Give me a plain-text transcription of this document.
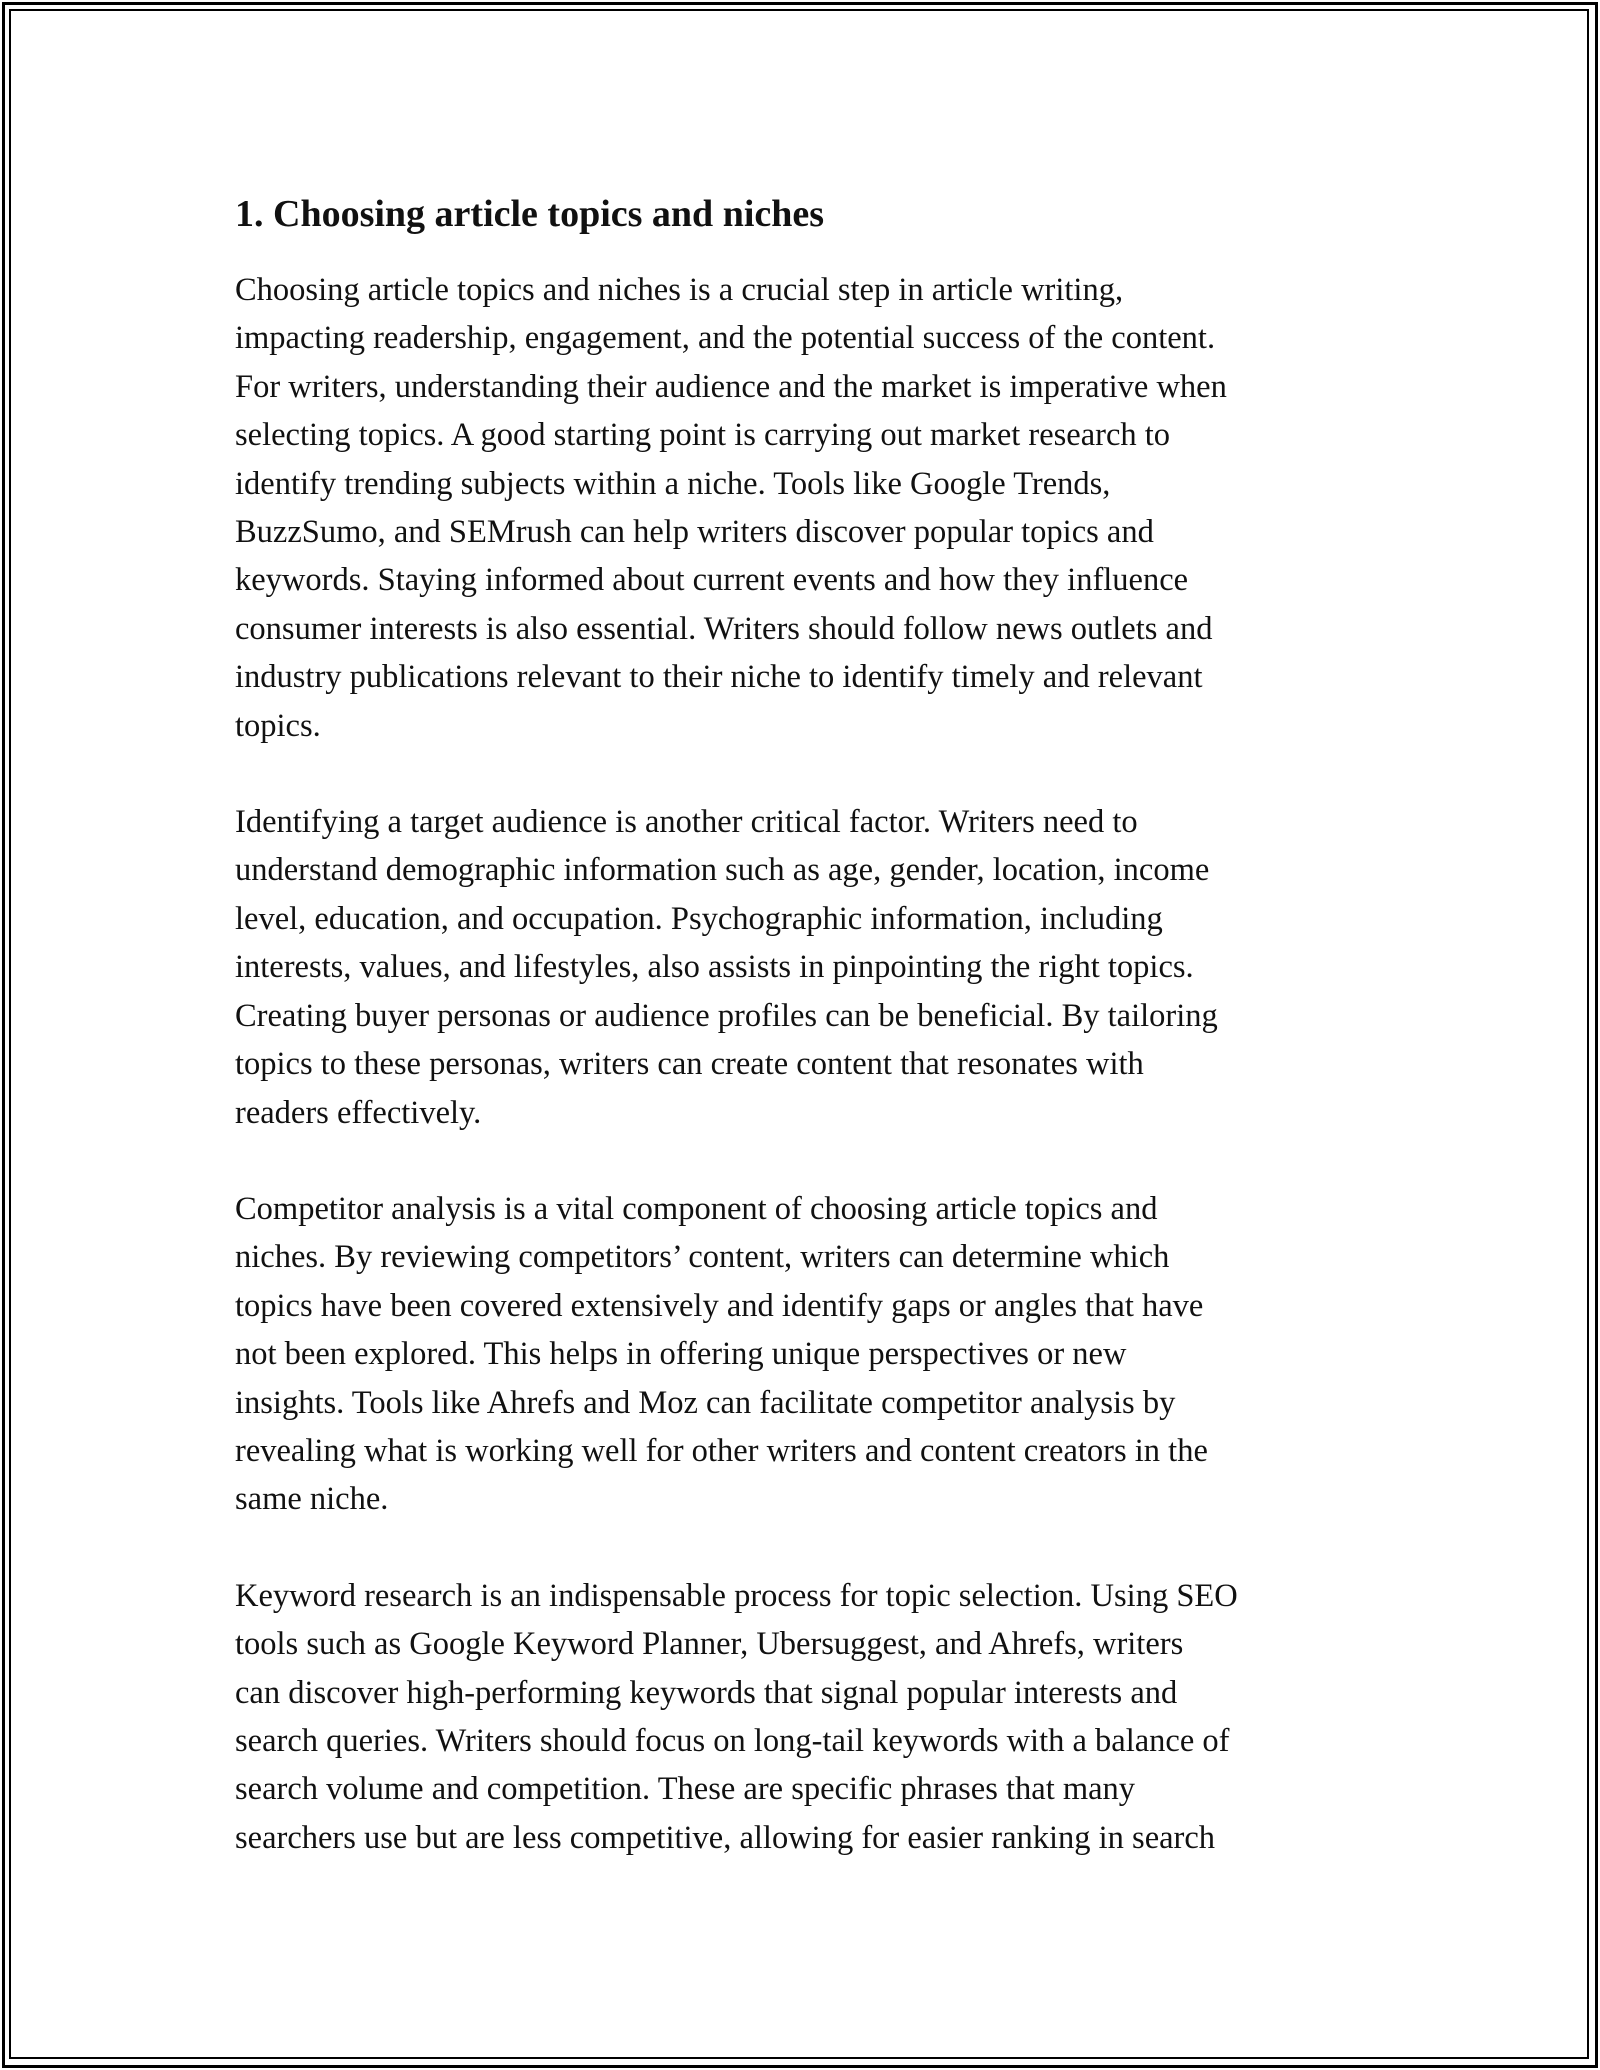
1. Choosing article topics and niches

Choosing article topics and niches is a crucial step in article writing,
impacting readership, engagement, and the potential success of the content.
For writers, understanding their audience and the market is imperative when
selecting topics. A good starting point is carrying out market research to
identify trending subjects within a niche. Tools like Google Trends,
BuzzSumo, and SEMrush can help writers discover popular topics and
keywords. Staying informed about current events and how they influence
consumer interests is also essential. Writers should follow news outlets and
industry publications relevant to their niche to identify timely and relevant
topics.

Identifying a target audience is another critical factor. Writers need to
understand demographic information such as age, gender, location, income
level, education, and occupation. Psychographic information, including
interests, values, and lifestyles, also assists in pinpointing the right topics.
Creating buyer personas or audience profiles can be beneficial. By tailoring
topics to these personas, writers can create content that resonates with
readers effectively.

Competitor analysis is a vital component of choosing article topics and
niches. By reviewing competitors’ content, writers can determine which
topics have been covered extensively and identify gaps or angles that have
not been explored. This helps in offering unique perspectives or new
insights. Tools like Ahrefs and Moz can facilitate competitor analysis by
revealing what is working well for other writers and content creators in the
same niche.

Keyword research is an indispensable process for topic selection. Using SEO
tools such as Google Keyword Planner, Ubersuggest, and Ahrefs, writers
can discover high-performing keywords that signal popular interests and
search queries. Writers should focus on long-tail keywords with a balance of
search volume and competition. These are specific phrases that many
searchers use but are less competitive, allowing for easier ranking in search
